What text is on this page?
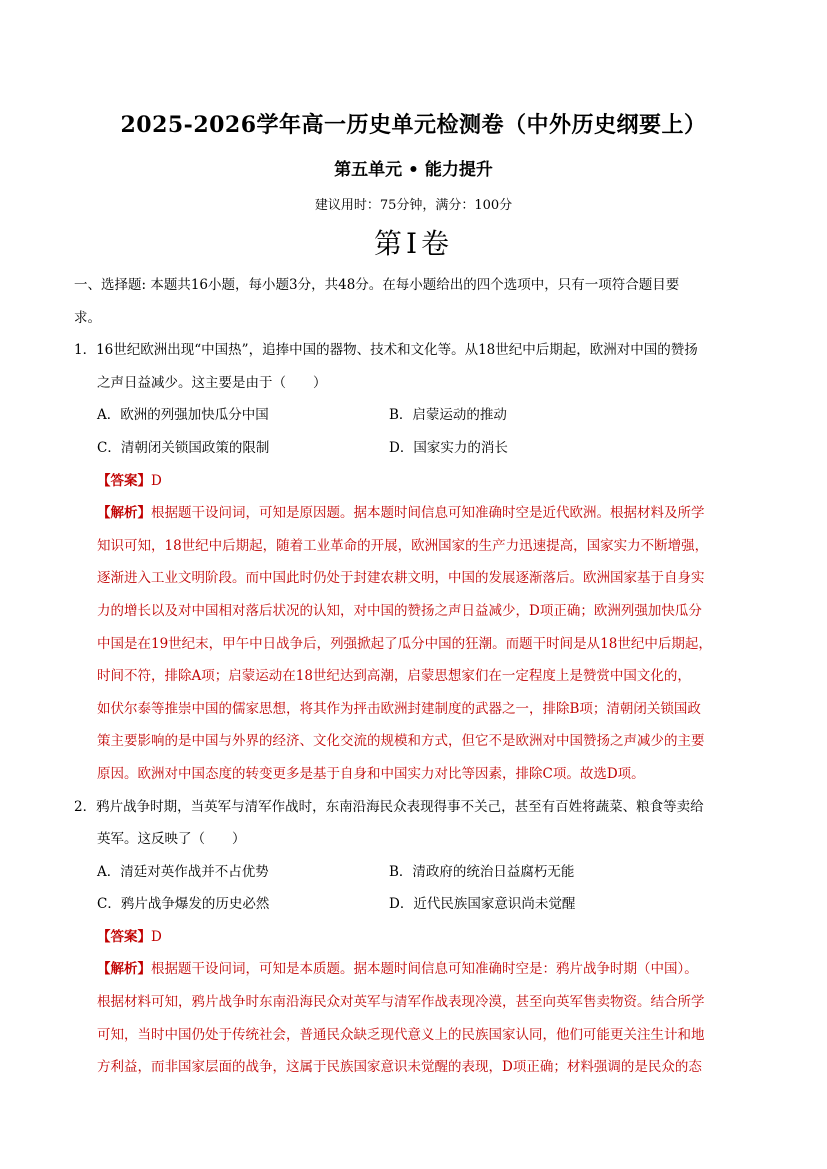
2025-2026学年高一历史单元检测卷（中外历史纲要上）
第五单元 • 能力提升
建议用时：75分钟，满分：100分
第Ⅰ卷
一、选择题: 本题共16小题，每小题3分，共48分。在每小题给出的四个选项中，只有一项符合题目要
求。
1．16世纪欧洲出现“中国热”，追捧中国的器物、技术和文化等。从18世纪中后期起，欧洲对中国的赞扬
之声日益减少。这主要是由于（　　）
A．欧洲的列强加快瓜分中国	B．启蒙运动的推动
C．清朝闭关锁国政策的限制	D．国家实力的消长
【答案】D
【解析】根据题干设问词，可知是原因题。据本题时间信息可知准确时空是近代欧洲。根据材料及所学
知识可知，18世纪中后期起，随着工业革命的开展，欧洲国家的生产力迅速提高，国家实力不断增强，
逐渐进入工业文明阶段。而中国此时仍处于封建农耕文明，中国的发展逐渐落后。欧洲国家基于自身实
力的增长以及对中国相对落后状况的认知，对中国的赞扬之声日益减少，D项正确；欧洲列强加快瓜分
中国是在19世纪末，甲午中日战争后，列强掀起了瓜分中国的狂潮。而题干时间是从18世纪中后期起，
时间不符，排除A项；启蒙运动在18世纪达到高潮，启蒙思想家们在一定程度上是赞赏中国文化的，
如伏尔泰等推崇中国的儒家思想，将其作为抨击欧洲封建制度的武器之一，排除B项；清朝闭关锁国政
策主要影响的是中国与外界的经济、文化交流的规模和方式，但它不是欧洲对中国赞扬之声减少的主要
原因。欧洲对中国态度的转变更多是基于自身和中国实力对比等因素，排除C项。故选D项。
2．鸦片战争时期，当英军与清军作战时，东南沿海民众表现得事不关己，甚至有百姓将蔬菜、粮食等卖给
英军。这反映了（　　）
A．清廷对英作战并不占优势	B．清政府的统治日益腐朽无能
C．鸦片战争爆发的历史必然	D．近代民族国家意识尚未觉醒
【答案】D
【解析】根据题干设问词，可知是本质题。据本题时间信息可知准确时空是：鸦片战争时期（中国）。
根据材料可知，鸦片战争时东南沿海民众对英军与清军作战表现冷漠，甚至向英军售卖物资。结合所学
可知，当时中国仍处于传统社会，普通民众缺乏现代意义上的民族国家认同，他们可能更关注生计和地
方利益，而非国家层面的战争，这属于民族国家意识未觉醒的表现，D项正确；材料强调的是民众的态
